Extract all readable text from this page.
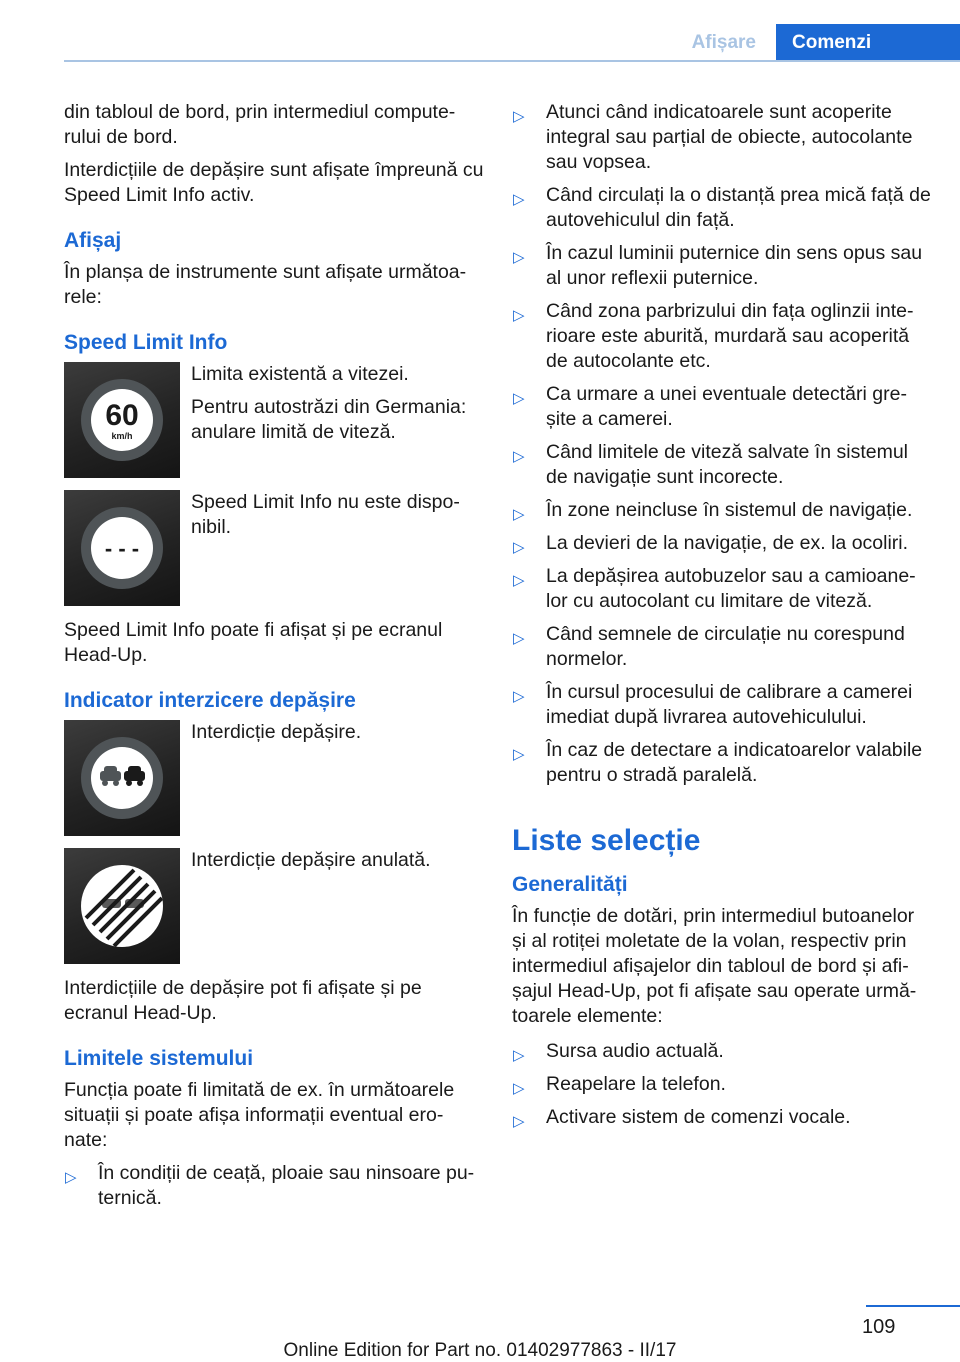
Afișare	Comenzi

din tabloul de bord, prin intermediul compute-rului de bord.

Interdicțiile de depășire sunt afișate împreună cu Speed Limit Info activ.

Afișaj

În planșa de instrumente sunt afișate următoa-rele:

Speed Limit Info
60
km/h

Limita existentă a vitezei.

Pentru autostrăzi din Germania: anulare limită de viteză.

- - -

Speed Limit Info nu este dispo-nibil.

Speed Limit Info poate fi afișat și pe ecranul Head-Up.

Indicator interzicere depășire

Interdicție depășire.

Interdicție depășire anulată.

Interdicțiile de depășire pot fi afișate și pe ecranul Head-Up.

Limitele sistemului

Funcția poate fi limitată de ex. în următoarele situații și poate afișa informații eventual ero-nate:

▷ În condiții de ceață, ploaie sau ninsoare pu-ternică.
▷ Atunci când indicatoarele sunt acoperite integral sau parțial de obiecte, autocolante sau vopsea.
▷ Când circulați la o distanță prea mică față de autovehiculul din față.
▷ În cazul luminii puternice din sens opus sau al unor reflexii puternice.
▷ Când zona parbrizului din fața oglinzii inte-rioare este aburită, murdară sau acoperită de autocolante etc.
▷ Ca urmare a unei eventuale detectări gre-șite a camerei.
▷ Când limitele de viteză salvate în sistemul de navigație sunt incorecte.
▷ În zone neincluse în sistemul de navigație.
▷ La devieri de la navigație, de ex. la ocoliri.
▷ La depășirea autobuzelor sau a camioane-lor cu autocolant cu limitare de viteză.
▷ Când semnele de circulație nu corespund normelor.
▷ În cursul procesului de calibrare a camerei imediat după livrarea autovehiculului.
▷ În caz de detectare a indicatoarelor valabile pentru o stradă paralelă.
Liste selecție
Generalități

În funcție de dotări, prin intermediul butoanelor și al rotiței moletate de la volan, respectiv prin intermediul afișajelor din tabloul de bord și afi-șajul Head-Up, pot fi afișate sau operate urmă-toarele elemente:

▷ Sursa audio actuală.
▷ Reapelare la telefon.
▷ Activare sistem de comenzi vocale.
109
Online Edition for Part no. 01402977863 - II/17
